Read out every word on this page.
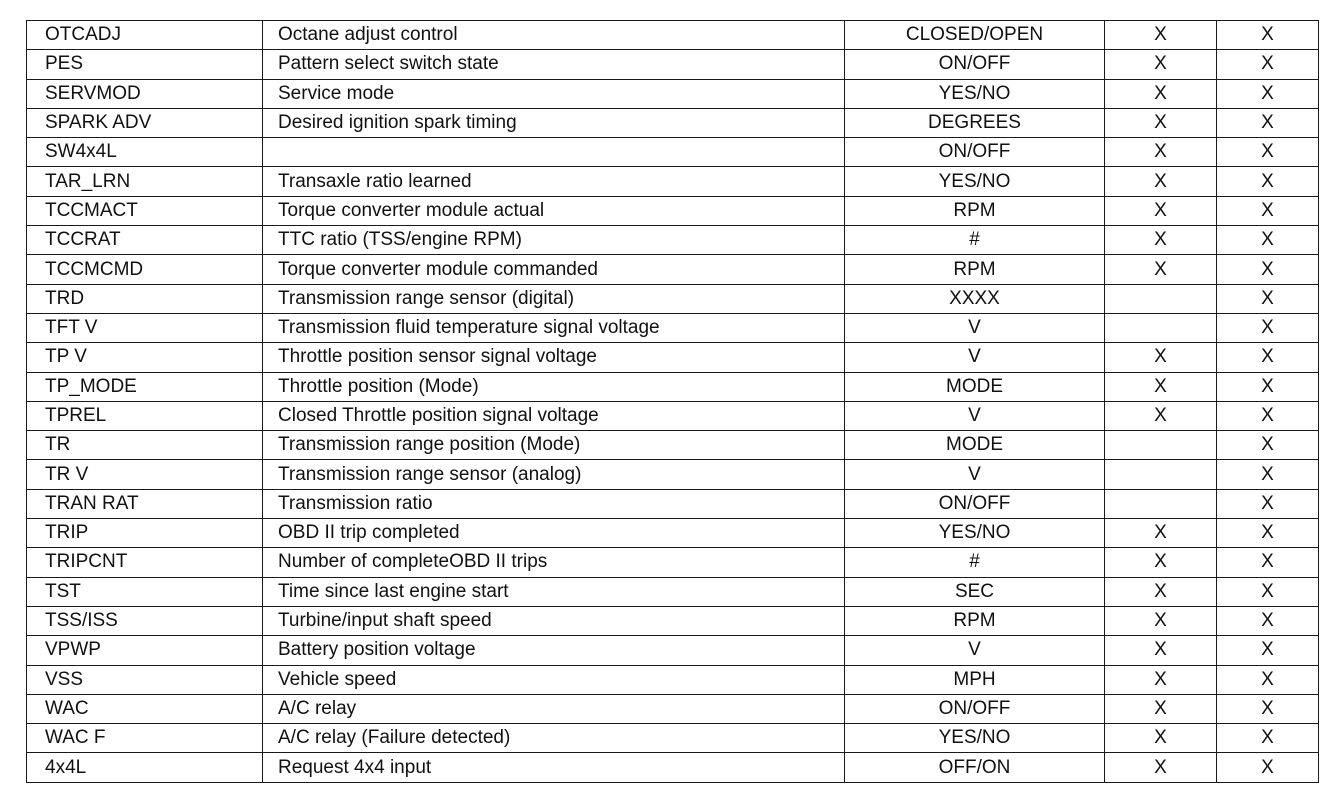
OTCADJ	Octane adjust control	CLOSED/OPEN	X	X
PES	Pattern select switch state	ON/OFF	X	X
SERVMOD	Service mode	YES/NO	X	X
SPARK ADV	Desired ignition spark timing	DEGREES	X	X
SW4x4L		ON/OFF	X	X
TAR_LRN	Transaxle ratio learned	YES/NO	X	X
TCCMACT	Torque converter module actual	RPM	X	X
TCCRAT	TTC ratio (TSS/engine RPM)	#	X	X
TCCMCMD	Torque converter module commanded	RPM	X	X
TRD	Transmission range sensor (digital)	XXXX		X
TFT V	Transmission fluid temperature signal voltage	V		X
TP V	Throttle position sensor signal voltage	V	X	X
TP_MODE	Throttle position (Mode)	MODE	X	X
TPREL	Closed Throttle position signal voltage	V	X	X
TR	Transmission range position (Mode)	MODE		X
TR V	Transmission range sensor (analog)	V		X
TRAN RAT	Transmission ratio	ON/OFF		X
TRIP	OBD II trip completed	YES/NO	X	X
TRIPCNT	Number of completeOBD II trips	#	X	X
TST	Time since last engine start	SEC	X	X
TSS/ISS	Turbine/input shaft speed	RPM	X	X
VPWP	Battery position voltage	V	X	X
VSS	Vehicle speed	MPH	X	X
WAC	A/C relay	ON/OFF	X	X
WAC F	A/C relay (Failure detected)	YES/NO	X	X
4x4L	Request 4x4 input	OFF/ON	X	X
